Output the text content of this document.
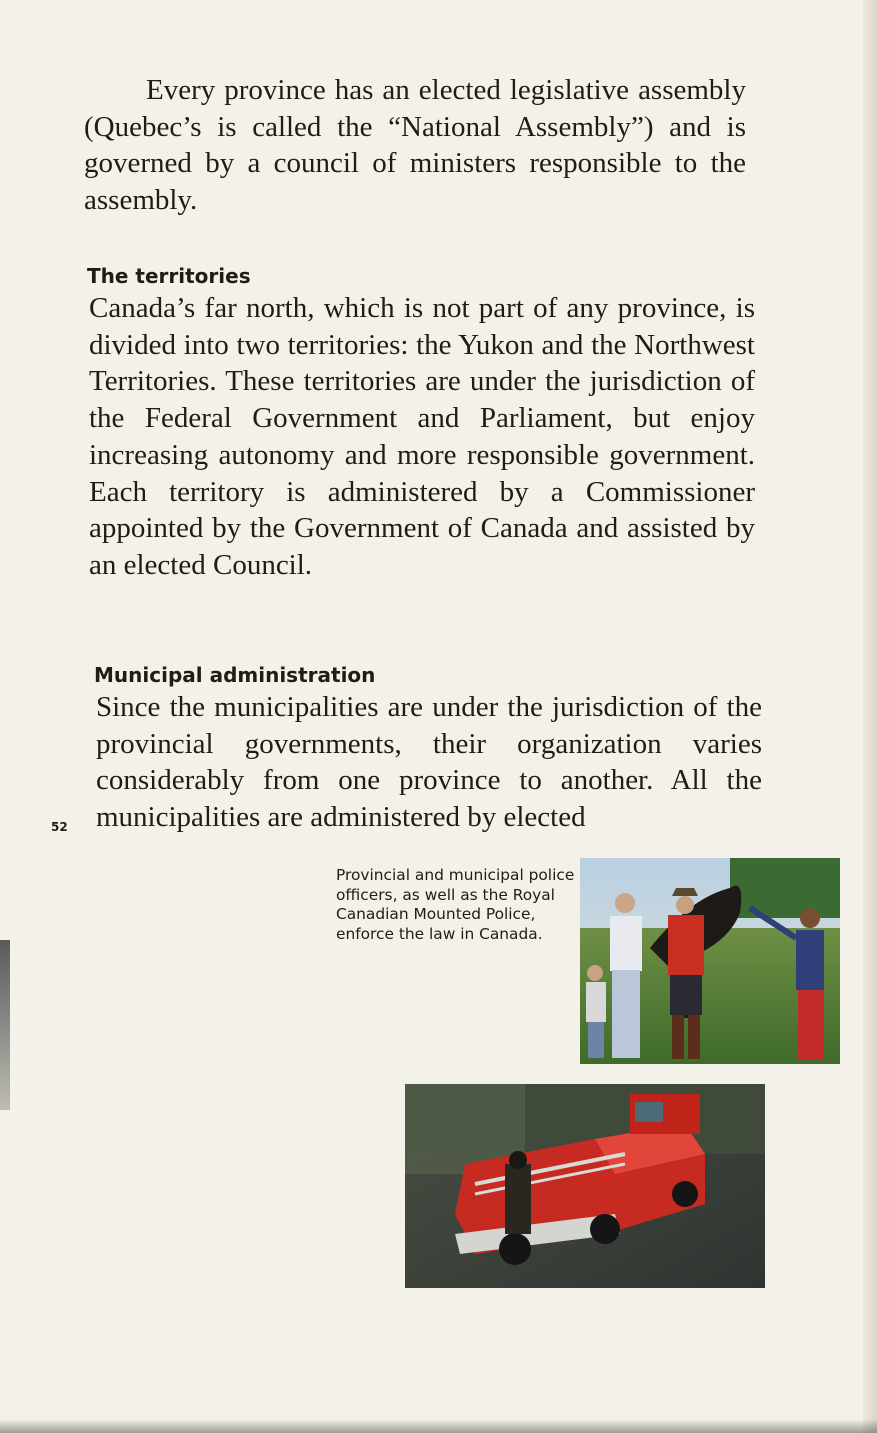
Every province has an elected legislative assembly (Quebec’s is called the “National Assembly”) and is governed by a council of ministers responsible to the assembly.

The territories

Canada’s far north, which is not part of any province, is divided into two territories: the Yukon and the Northwest Territories. These territories are under the jurisdiction of the Federal Government and Parliament, but enjoy increasing autonomy and more responsible government. Each territory is administered by a Commissioner appointed by the Government of Canada and assisted by an elected Council.

Municipal administration

Since the municipalities are under the jurisdiction of the provincial governments, their organization varies considerably from one province to another. All the municipalities are administered by elected

52

Provincial and municipal police officers, as well as the Royal Canadian Mounted Police, enforce the law in Canada.
